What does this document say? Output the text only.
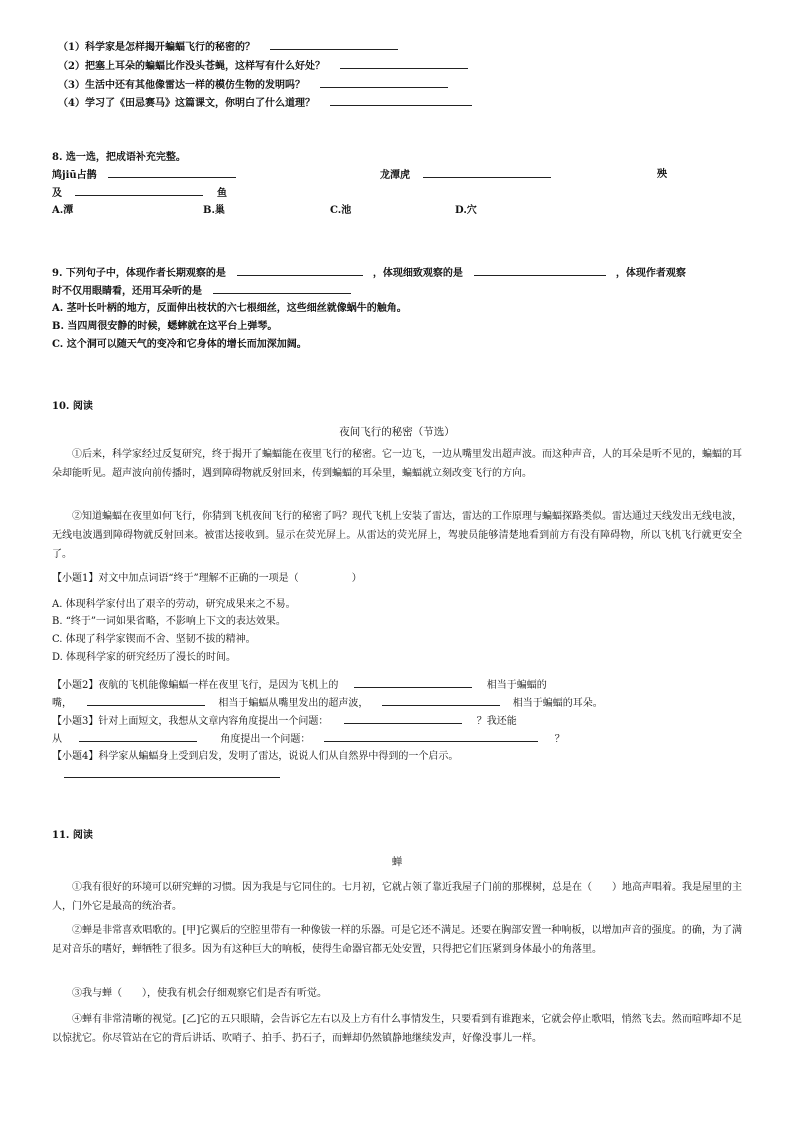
（1）科学家是怎样揭开蝙蝠飞行的秘密的？
（2）把塞上耳朵的蝙蝠比作没头苍蝇，这样写有什么好处？
（3）生活中还有其他像雷达一样的模仿生物的发明吗？
（4）学习了《田忌赛马》这篇课文，你明白了什么道理？
8. 选一选，把成语补充完整。
鸠jiū占鹊	龙潭虎	殃
及	鱼
A.潭	B.巢	C.池	D.穴
9. 下列句子中，体现作者长期观察的是	，体现细致观察的是	，体现作者观察
时不仅用眼睛看，还用耳朵听的是
A. 茎叶长叶柄的地方，反面伸出枝状的六七根细丝，这些细丝就像蜗牛的触角。
B. 当四周很安静的时候，蟋蟀就在这平台上弹琴。
C. 这个洞可以随天气的变冷和它身体的增长而加深加阔。
10. 阅读
夜间飞行的秘密（节选）
①后来，科学家经过反复研究，终于揭开了蝙蝠能在夜里飞行的秘密。它一边飞，一边从嘴里发出超声波。而这种声音，人的耳朵是听不见的，蝙蝠的耳朵却能听见。超声波向前传播时，遇到障碍物就反射回来，传到蝙蝠的耳朵里，蝙蝠就立刻改变飞行的方向。
②知道蝙蝠在夜里如何飞行，你猜到飞机夜间飞行的秘密了吗？现代飞机上安装了雷达，雷达的工作原理与蝙蝠探路类似。雷达通过天线发出无线电波，无线电波遇到障碍物就反射回来。被雷达接收到。显示在荧光屏上。从雷达的荧光屏上，驾驶员能够清楚地看到前方有没有障碍物，所以飞机飞行就更安全了。
【小题1】对文中加点词语“终于”理解不正确的一项是（	）
A. 体现科学家付出了艰辛的劳动，研究成果来之不易。
B. “终于”一词如果省略，不影响上下文的表达效果。
C. 体现了科学家锲而不舍、坚韧不拔的精神。
D. 体现科学家的研究经历了漫长的时间。
【小题2】夜航的飞机能像蝙蝠一样在夜里飞行，是因为飞机上的	相当于蝙蝠的
嘴，	相当于蝙蝠从嘴里发出的超声波，	相当于蝙蝠的耳朵。
【小题3】针对上面短文，我想从文章内容角度提出一个问题：	？我还能
从	角度提出一个问题：	？
【小题4】科学家从蝙蝠身上受到启发，发明了雷达，说说人们从自然界中得到的一个启示。
11. 阅读
蝉
①我有很好的环境可以研究蝉的习惯。因为我是与它同住的。七月初，它就占领了靠近我屋子门前的那棵树，总是在（　　）地高声唱着。我是屋里的主人，门外它是最高的统治者。
②蝉是非常喜欢唱歌的。[甲]它翼后的空腔里带有一种像钹一样的乐器。可是它还不满足。还要在胸部安置一种响板，以增加声音的强度。的确，为了满足对音乐的嗜好，蝉牺牲了很多。因为有这种巨大的响板，使得生命器官都无处安置，只得把它们压紧到身体最小的角落里。
③我与蝉（　　），使我有机会仔细观察它们是否有听觉。
④蝉有非常清晰的视觉。[乙]它的五只眼睛，会告诉它左右以及上方有什么事情发生，只要看到有谁跑来，它就会停止歌唱，悄然飞去。然而喧哗却不足以惊扰它。你尽管站在它的背后讲话、吹哨子、拍手、扔石子，而蝉却仍然镇静地继续发声，好像没事儿一样。
